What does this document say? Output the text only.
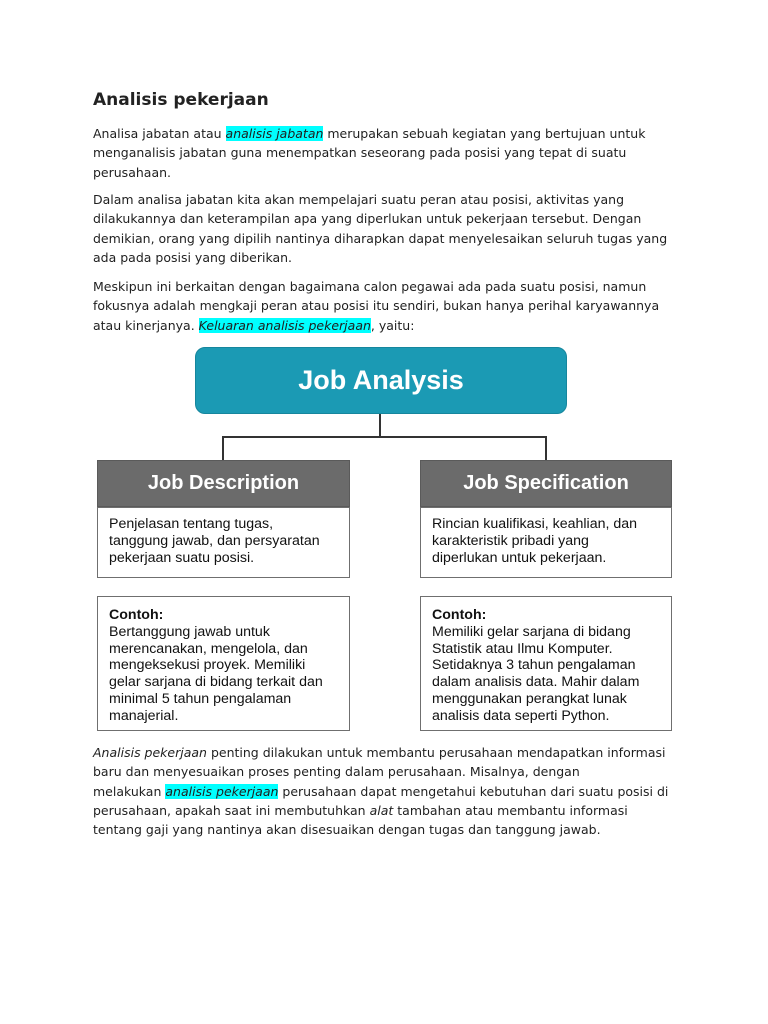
Analisis pekerjaan

Analisa jabatan atau analisis jabatan merupakan sebuah kegiatan yang bertujuan untuk
menganalisis jabatan guna menempatkan seseorang pada posisi yang tepat di suatu
perusahaan.

Dalam analisa jabatan kita akan mempelajari suatu peran atau posisi, aktivitas yang
dilakukannya dan keterampilan apa yang diperlukan untuk pekerjaan tersebut. Dengan
demikian, orang yang dipilih nantinya diharapkan dapat menyelesaikan seluruh tugas yang
ada pada posisi yang diberikan.

Meskipun ini berkaitan dengan bagaimana calon pegawai ada pada suatu posisi, namun
fokusnya adalah mengkaji peran atau posisi itu sendiri, bukan hanya perihal karyawannya
atau kinerjanya. Keluaran analisis pekerjaan, yaitu:

Job Analysis
Job Description
Penjelasan tentang tugas,
tanggung jawab, dan persyaratan
pekerjaan suatu posisi.
Contoh:
Bertanggung jawab untuk
merencanakan, mengelola, dan
mengeksekusi proyek. Memiliki
gelar sarjana di bidang terkait dan
minimal 5 tahun pengalaman
manajerial.
Job Specification
Rincian kualifikasi, keahlian, dan
karakteristik pribadi yang
diperlukan untuk pekerjaan.
Contoh:
Memiliki gelar sarjana di bidang
Statistik atau Ilmu Komputer.
Setidaknya 3 tahun pengalaman
dalam analisis data. Mahir dalam
menggunakan perangkat lunak
analisis data seperti Python.

Analisis pekerjaan penting dilakukan untuk membantu perusahaan mendapatkan informasi
baru dan menyesuaikan proses penting dalam perusahaan. Misalnya, dengan
melakukan analisis pekerjaan perusahaan dapat mengetahui kebutuhan dari suatu posisi di
perusahaan, apakah saat ini membutuhkan alat tambahan atau membantu informasi
tentang gaji yang nantinya akan disesuaikan dengan tugas dan tanggung jawab.
